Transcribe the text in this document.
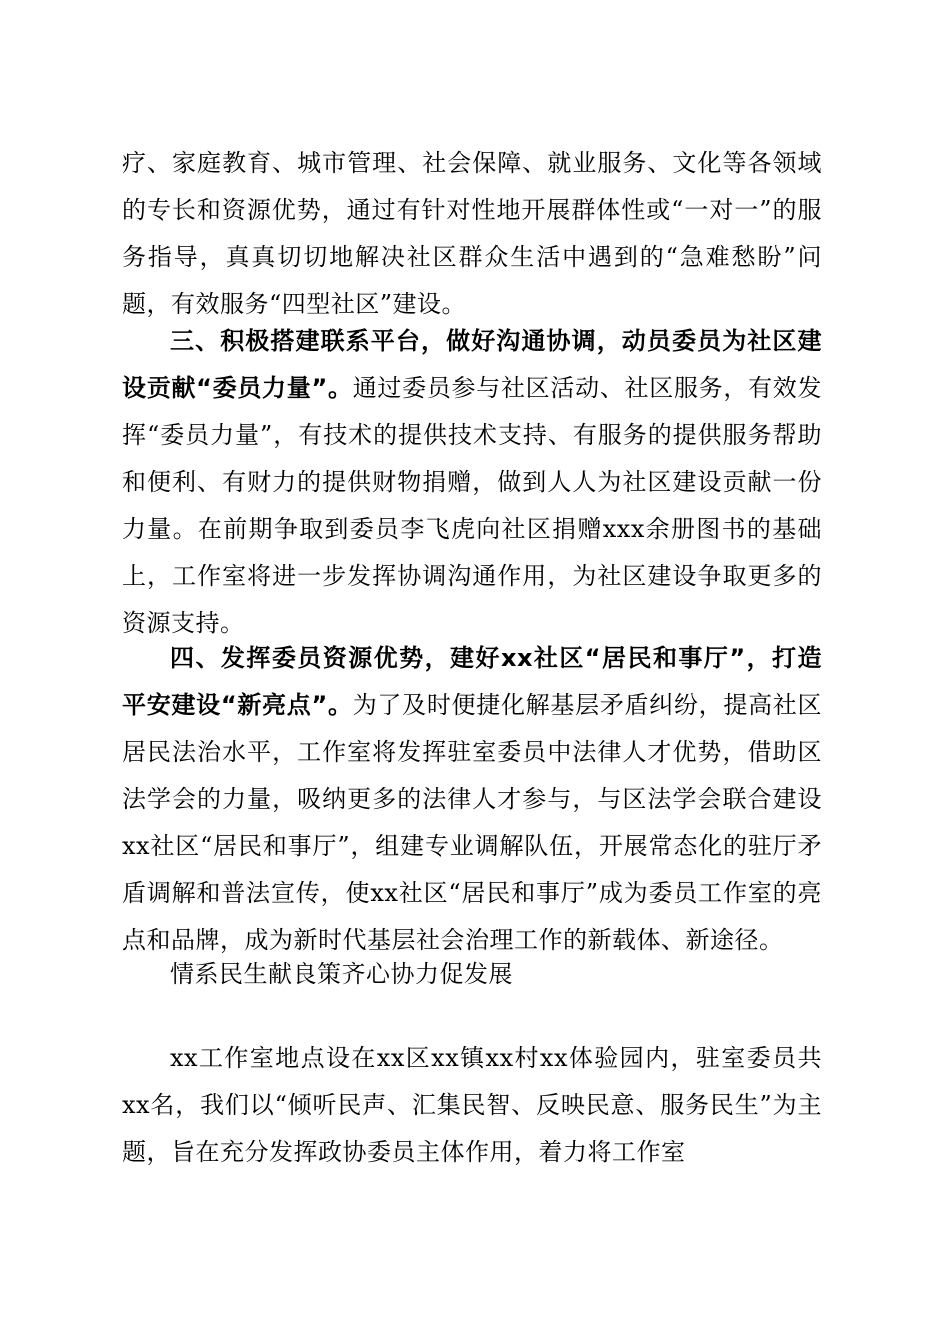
疗、家庭教育、城市管理、社会保障、就业服务、文化等各领域的专长和资源优势，通过有针对性地开展群体性或“一对一”的服务指导，真真切切地解决社区群众生活中遇到的“急难愁盼”问题，有效服务“四型社区”建设。

三、积极搭建联系平台，做好沟通协调，动员委员为社区建设贡献“委员力量”。通过委员参与社区活动、社区服务，有效发挥“委员力量”，有技术的提供技术支持、有服务的提供服务帮助和便利、有财力的提供财物捐赠，做到人人为社区建设贡献一份力量。在前期争取到委员李飞虎向社区捐赠xxx余册图书的基础上，工作室将进一步发挥协调沟通作用，为社区建设争取更多的资源支持。

四、发挥委员资源优势，建好xx社区“居民和事厅”，打造平安建设“新亮点”。为了及时便捷化解基层矛盾纠纷，提高社区居民法治水平，工作室将发挥驻室委员中法律人才优势，借助区法学会的力量，吸纳更多的法律人才参与，与区法学会联合建设xx社区“居民和事厅”，组建专业调解队伍，开展常态化的驻厅矛盾调解和普法宣传，使xx社区“居民和事厅”成为委员工作室的亮点和品牌，成为新时代基层社会治理工作的新载体、新途径。

情系民生献良策齐心协力促发展

xx工作室地点设在xx区xx镇xx村xx体验园内，驻室委员共xx名，我们以“倾听民声、汇集民智、反映民意、服务民生”为主题，旨在充分发挥政协委员主体作用，着力将工作室
